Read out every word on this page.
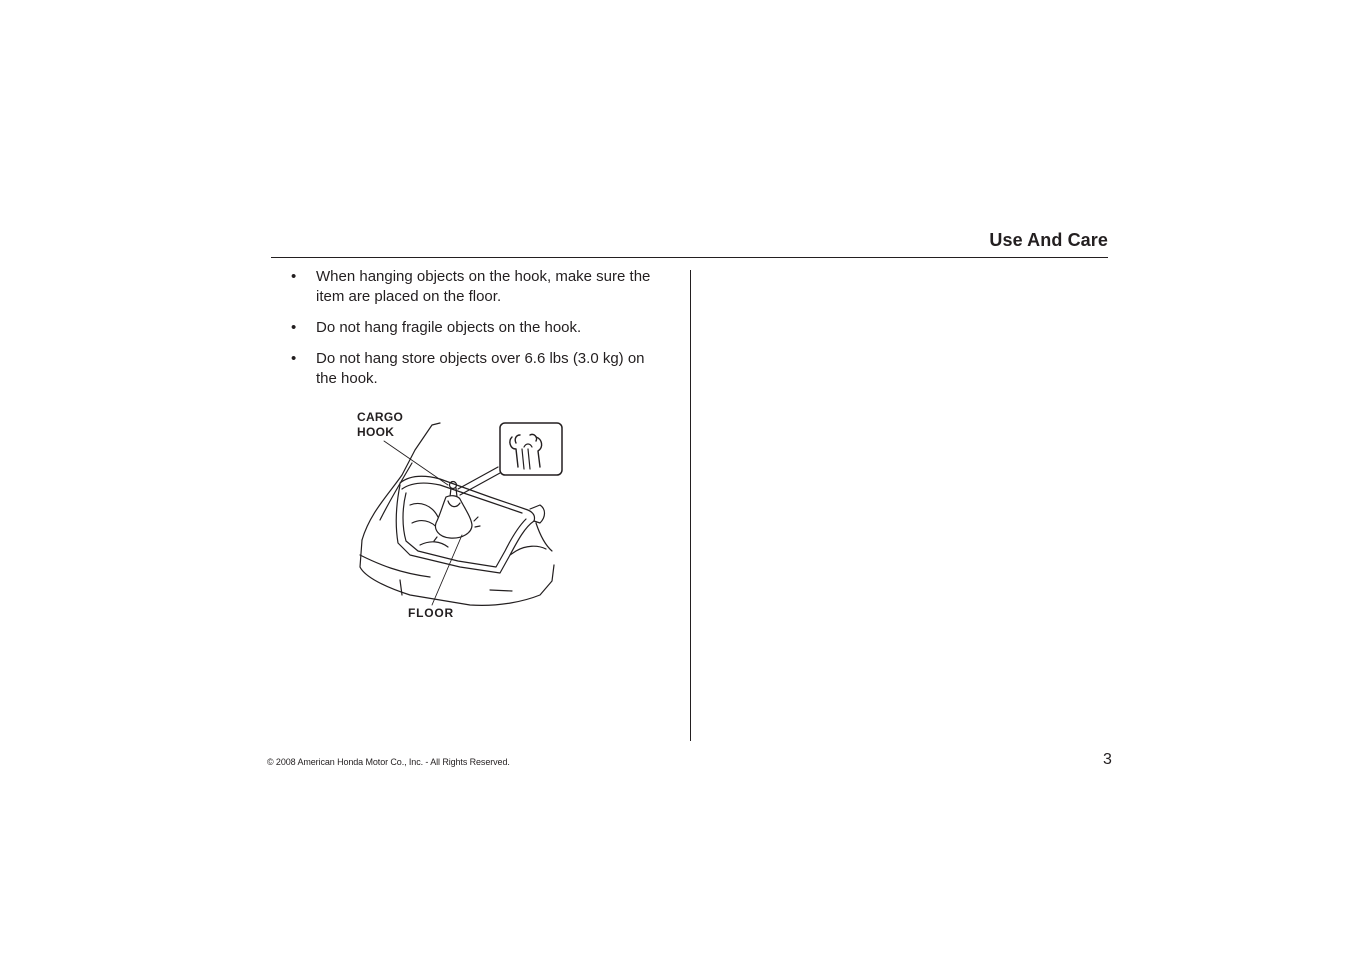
Use And Care
• When hanging objects on the hook, make sure the item are placed on the floor.
• Do not hang fragile objects on the hook.
• Do not hang store objects over 6.6 lbs (3.0 kg) on the hook.
CARGO
HOOK
FLOOR
© 2008 American Honda Motor Co., Inc. - All Rights Reserved.	3
